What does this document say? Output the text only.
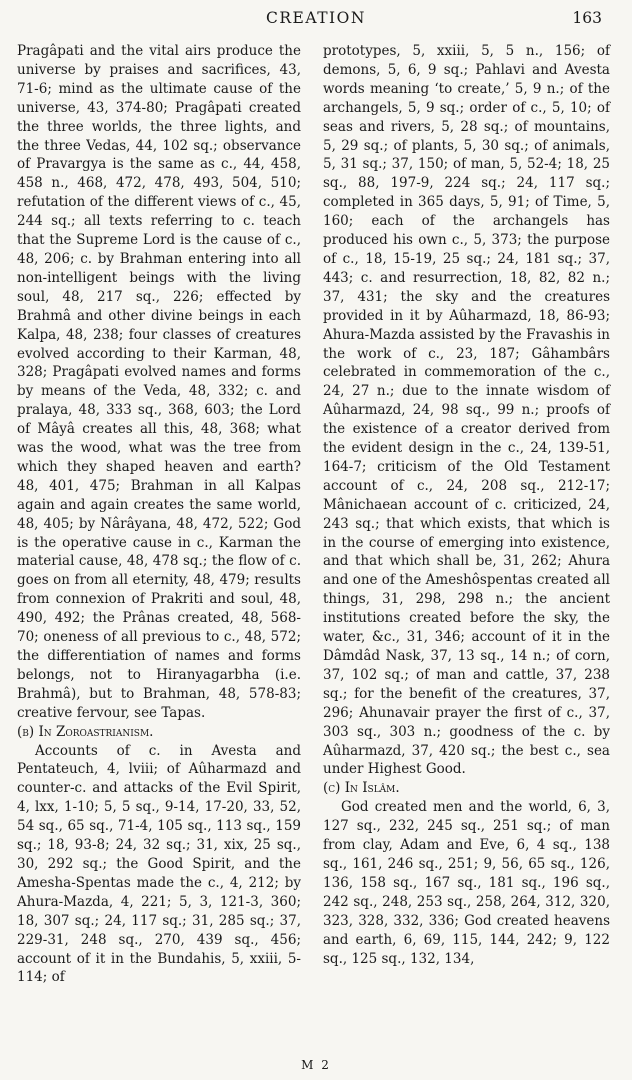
CREATION	163

Pragâpati and the vital airs produce the universe by praises and sacrifices, 43, 71-6; mind as the ultimate cause of the universe, 43, 374-80; Pragâpati created the three worlds, the three lights, and the three Vedas, 44, 102 sq.; observance of Pravargya is the same as c., 44, 458, 458 n., 468, 472, 478, 493, 504, 510; refutation of the different views of c., 45, 244 sq.; all texts referring to c. teach that the Supreme Lord is the cause of c., 48, 206; c. by Brahman entering into all non-intelligent beings with the living soul, 48, 217 sq., 226; effected by Brahmâ and other divine beings in each Kalpa, 48, 238; four classes of creatures evolved according to their Karman, 48, 328; Pragâpati evolved names and forms by means of the Veda, 48, 332; c. and pralaya, 48, 333 sq., 368, 603; the Lord of Mâyâ creates all this, 48, 368; what was the wood, what was the tree from which they shaped heaven and earth? 48, 401, 475; Brahman in all Kalpas again and again creates the same world, 48, 405; by Nârâyana, 48, 472, 522; God is the operative cause in c., Karman the material cause, 48, 478 sq.; the flow of c. goes on from all eternity, 48, 479; results from connexion of Prakriti and soul, 48, 490, 492; the Prânas created, 48, 568-70; oneness of all previous to c., 48, 572; the differentiation of names and forms belongs, not to Hiranyagarbha (i.e. Brahmâ), but to Brahman, 48, 578-83; creative fervour, see Tapas.

(b) In Zoroastrianism.

Accounts of c. in Avesta and Pentateuch, 4, lviii; of Aûharmazd and counter-c. and attacks of the Evil Spirit, 4, lxx, 1-10; 5, 5 sq., 9-14, 17-20, 33, 52, 54 sq., 65 sq., 71-4, 105 sq., 113 sq., 159 sq.; 18, 93-8; 24, 32 sq.; 31, xix, 25 sq., 30, 292 sq.; the Good Spirit, and the Amesha-Spentas made the c., 4, 212; by Ahura-Mazda, 4, 221; 5, 3, 121-3, 360; 18, 307 sq.; 24, 117 sq.; 31, 285 sq.; 37, 229-31, 248 sq., 270, 439 sq., 456; account of it in the Bundahis, 5, xxiii, 5-114; of

prototypes, 5, xxiii, 5, 5 n., 156; of demons, 5, 6, 9 sq.; Pahlavi and Avesta words meaning ‘to create,’ 5, 9 n.; of the archangels, 5, 9 sq.; order of c., 5, 10; of seas and rivers, 5, 28 sq.; of mountains, 5, 29 sq.; of plants, 5, 30 sq.; of animals, 5, 31 sq.; 37, 150; of man, 5, 52-4; 18, 25 sq., 88, 197-9, 224 sq.; 24, 117 sq.; completed in 365 days, 5, 91; of Time, 5, 160; each of the archangels has produced his own c., 5, 373; the purpose of c., 18, 15-19, 25 sq.; 24, 181 sq.; 37, 443; c. and resurrection, 18, 82, 82 n.; 37, 431; the sky and the creatures provided in it by Aûharmazd, 18, 86-93; Ahura-Mazda assisted by the Fravashis in the work of c., 23, 187; Gâhambârs celebrated in commemoration of the c., 24, 27 n.; due to the innate wisdom of Aûharmazd, 24, 98 sq., 99 n.; proofs of the existence of a creator derived from the evident design in the c., 24, 139-51, 164-7; criticism of the Old Testament account of c., 24, 208 sq., 212-17; Mânichaean account of c. criticized, 24, 243 sq.; that which exists, that which is in the course of emerging into existence, and that which shall be, 31, 262; Ahura and one of the Ameshôspentas created all things, 31, 298, 298 n.; the ancient institutions created before the sky, the water, &c., 31, 346; account of it in the Dâmdâd Nask, 37, 13 sq., 14 n.; of corn, 37, 102 sq.; of man and cattle, 37, 238 sq.; for the benefit of the creatures, 37, 296; Ahunavair prayer the first of c., 37, 303 sq., 303 n.; goodness of the c. by Aûharmazd, 37, 420 sq.; the best c., sea under Highest Good.

(c) In Islâm.

God created men and the world, 6, 3, 127 sq., 232, 245 sq., 251 sq.; of man from clay, Adam and Eve, 6, 4 sq., 138 sq., 161, 246 sq., 251; 9, 56, 65 sq., 126, 136, 158 sq., 167 sq., 181 sq., 196 sq., 242 sq., 248, 253 sq., 258, 264, 312, 320, 323, 328, 332, 336; God created heavens and earth, 6, 69, 115, 144, 242; 9, 122 sq., 125 sq., 132, 134,

M 2
